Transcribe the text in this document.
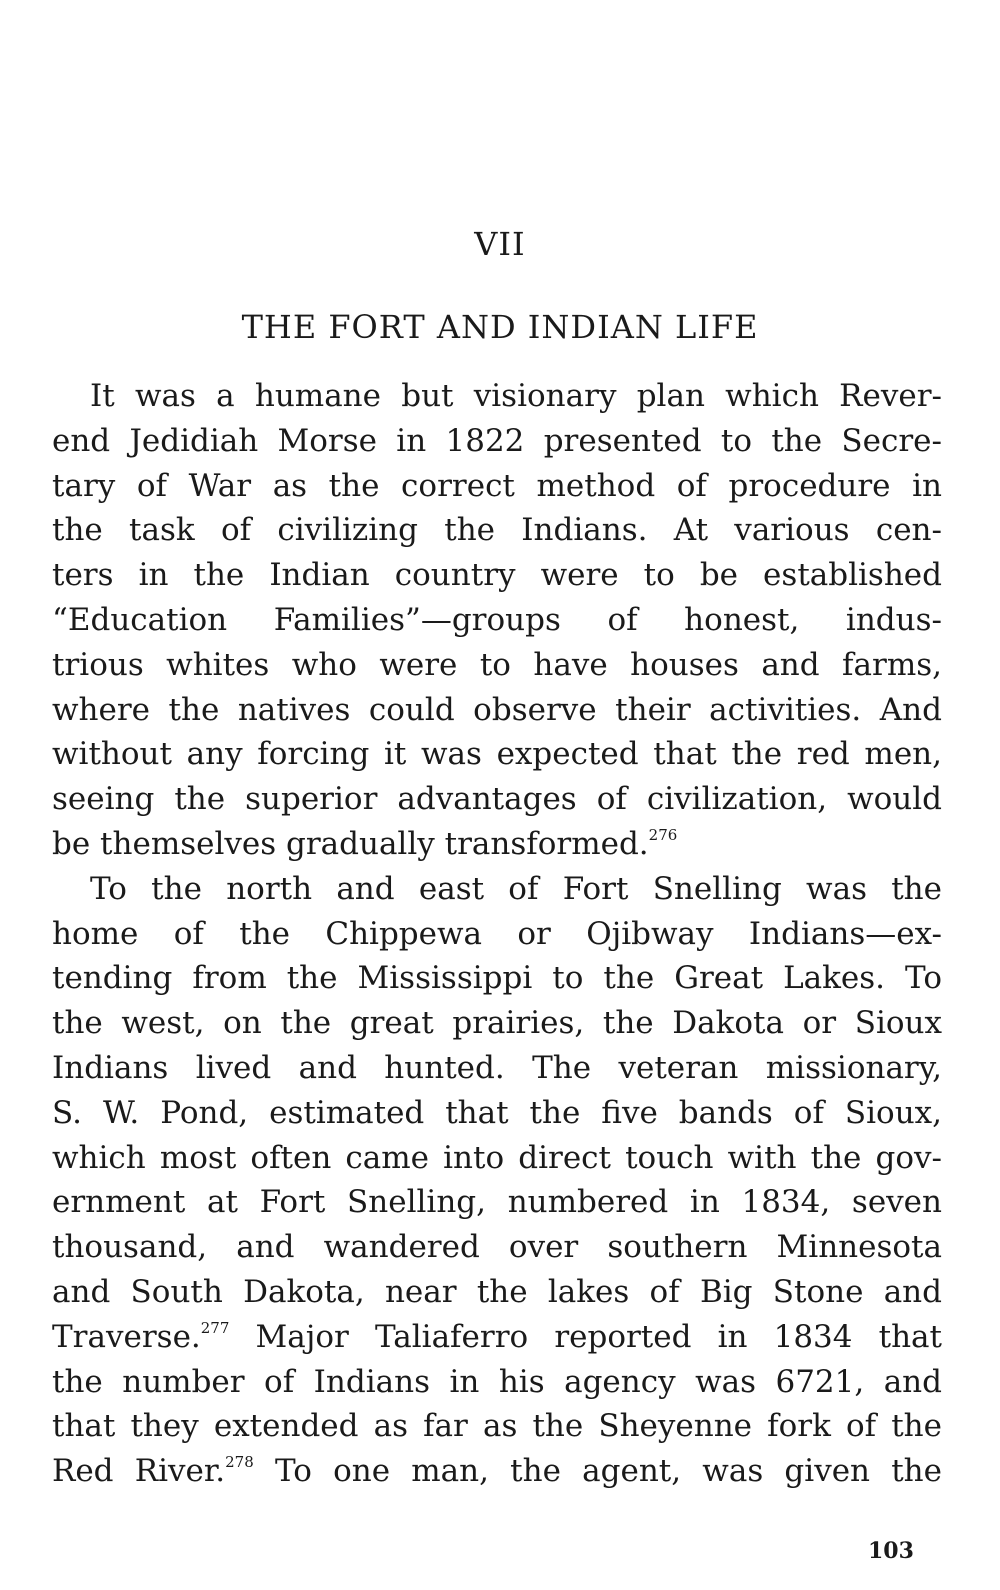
VII
THE FORT AND INDIAN LIFE
It was a humane but visionary plan which Rever-
end Jedidiah Morse in 1822 presented to the Secre-
tary of War as the correct method of procedure in
the task of civilizing the Indians. At various cen-
ters in the Indian country were to be established
“Education Families”—groups of honest, indus-
trious whites who were to have houses and farms,
where the natives could observe their activities. And
without any forcing it was expected that the red men,
seeing the superior advantages of civilization, would
be themselves gradually transformed.$^{276}$
To the north and east of Fort Snelling was the
home of the Chippewa or Ojibway Indians—ex-
tending from the Mississippi to the Great Lakes. To
the west, on the great prairies, the Dakota or Sioux
Indians lived and hunted. The veteran missionary,
S. W. Pond, estimated that the five bands of Sioux,
which most often came into direct touch with the gov-
ernment at Fort Snelling, numbered in 1834, seven
thousand, and wandered over southern Minnesota
and South Dakota, near the lakes of Big Stone and
Traverse.$^{277}$ Major Taliaferro reported in 1834 that
the number of Indians in his agency was 6721, and
that they extended as far as the Sheyenne fork of the
Red River.$^{278}$ To one man, the agent, was given the
103
